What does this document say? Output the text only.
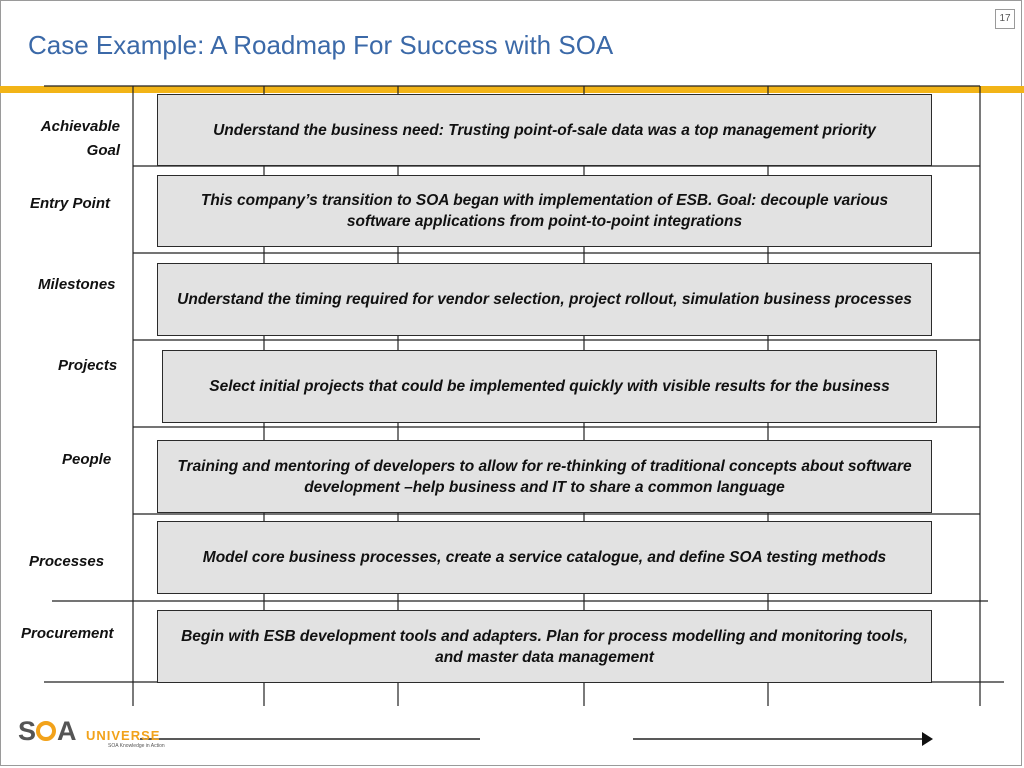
Case Example: A Roadmap For Success with SOA
17
Achievable
Goal
Entry Point
Milestones
Projects
People
Processes
Procurement
Understand the business need: Trusting point-of-sale data was a top management priority
This company’s transition to SOA began with implementation of ESB. Goal: decouple various software applications from point-to-point integrations
Understand the timing required for vendor selection, project rollout, simulation business processes
Select initial projects that could be implemented quickly with visible results for the business
Training and mentoring of developers to allow for re-thinking of traditional concepts about software development –help business and IT to share a common language
Model core business processes, create a service catalogue, and define SOA testing methods
Begin with ESB development tools and adapters. Plan for process modelling and monitoring tools, and master data management
S A UNIVERSE
SOA Knowledge in Action
